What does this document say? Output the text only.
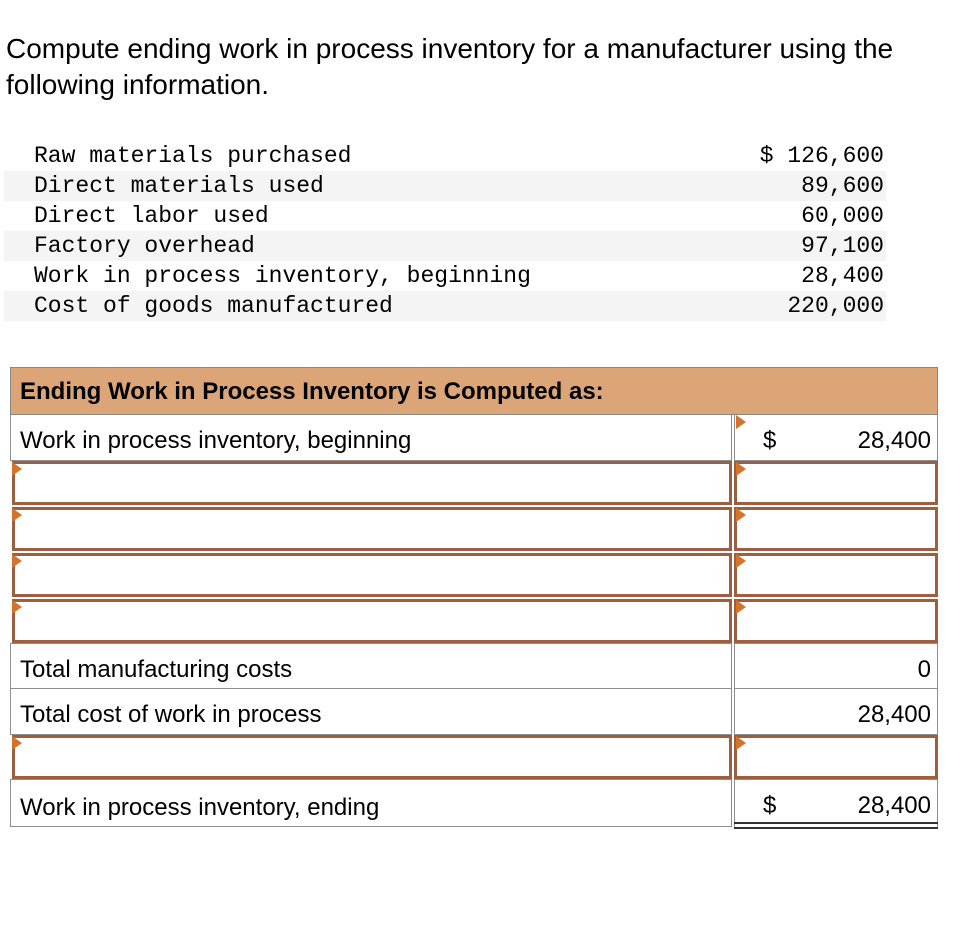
Compute ending work in process inventory for a manufacturer using the following information.
Raw materials purchased	$ 126,600
Direct materials used	89,600
Direct labor used	60,000
Factory overhead	97,100
Work in process inventory, beginning	28,400
Cost of goods manufactured	220,000
Ending Work in Process Inventory is Computed as:
Work in process inventory, beginning	$	28,400
Total manufacturing costs	0
Total cost of work in process	28,400
Work in process inventory, ending	$	28,400
